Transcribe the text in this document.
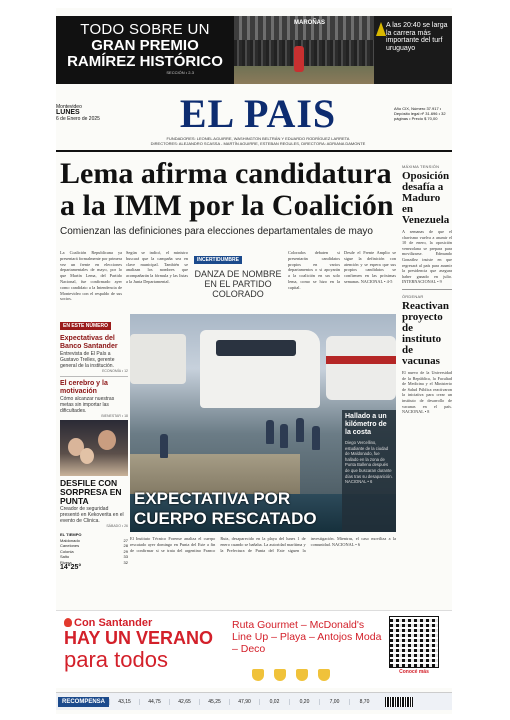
TODO SOBRE UN
GRAN PREMIO
RAMÍREZ HISTÓRICO
SECCIÓN • 2-3
MAROÑAS	A las 20:40 se larga la carrera más importante del turf uruguayo
Montevideo
LUNES
6 de Enero de 2025	EL PAIS
FUNDADORES: LEONEL AGUIRRE, WASHINGTON BELTRÁN Y EDUARDO RODRÍGUEZ LARRETA
DIRECTORES: ALEJANDRO SCASSA - MARTÍN AGUIRRE, ESTEBAN REGULES, DIRECTORA: ADRIANA DAMONTE
Año CIX, Número 37.917 • Depósito legal nº 31.696 • 32 páginas • Precio $ 70,00
Lema afirma candidatura a la IMM por la Coalición
Comienzan las definiciones para elecciones departamentales de mayo
La Coalición Republicana ya presentará formalmente por primera vez un frente en elecciones departamentales de mayo, por lo que Martín Lema, del Partido Nacional, fue confirmado ayer como candidato a la Intendencia de Montevideo con el respaldo de sus socios.
Según se indicó, el ministro buscará que la campaña sea en clave municipal. También se analizan los nombres que acompañarán la fórmula y las listas a la Junta Departamental.
INCERTIDUMBRE
DANZA DE NOMBRE EN EL PARTIDO COLORADO
Colorados debaten si presentarán candidatos propios en varios departamentos o si apoyarán a la coalición en un solo lema, como se hizo en la capital.
Desde el Frente Amplio se sigue la definición con atención y se espera que sus propios candidatos se confirmen en las próximas semanas. NACIONAL • 4-5
EN ESTE NÚMERO
Expectativas del Banco Santander
Entrevista de El País a Gustavo Trelles, gerente general de la institución.
ECONOMÍA • 12
El cerebro y la motivación
Cómo alcanzar nuestras metas sin importar las dificultades.
BIENESTAR • 18
DESFILE CON SORPRESA EN PUNTA
Creador de seguridad presentó en Kekoverita en el evento de Clinica.
SÁBADO • 26
EL TIEMPO
Maldonado	27
Canelones	28
Colonia	29
Salto	33
Rivera	32
14°25°
EXPECTATIVA POR
CUERPO RESCATADO
Hallado a un kilómetro de la costa
Diego Vercellino, estudiante de la ciudad de Maldonado, fue hallado en la zona de Punta Ballena después de que buscaran durante días tras su desaparición. NACIONAL • 6
El Instituto Técnico Forense analiza el cuerpo rescatado ayer domingo en Punta del Este a fin de confirmar si se trata del argentino Franco Ruiz, desaparecido en la playa del lunes 1 de enero cuando se bañaba. La autoridad marítima y la Prefectura de Punta del Este siguen la investigación. Mientras, el caso moviliza a la comunidad. NACIONAL • 6
MÁXIMA TENSIÓN
Oposición desafía a Maduro en Venezuela
A semanas de que el chavismo vuelva a asumir el 10 de enero, la oposición venezolana se prepara para movilizarse. Edmundo González insiste en que regresará al país para asumir la presidencia que asegura haber ganado en julio. INTERNACIONAL • 9
ÓRDENAR
Reactivan proyecto de instituto de vacunas
El nuevo de la Universidad de la República, la Facultad de Medicina y el Ministerio de Salud Pública reactivaron la iniciativa para crear un instituto de desarrollo de vacunas en el país. NACIONAL • 8
Con Santander
HAY UN VERANO
para todos
Ruta Gourmet – McDonald's Line Up – Playa – Antojos Moda – Deco
Conocé más
RECOMPENSA	43,15	44,75	42,65	45,25	47,90	0,02	0,20	7,00	8,70
